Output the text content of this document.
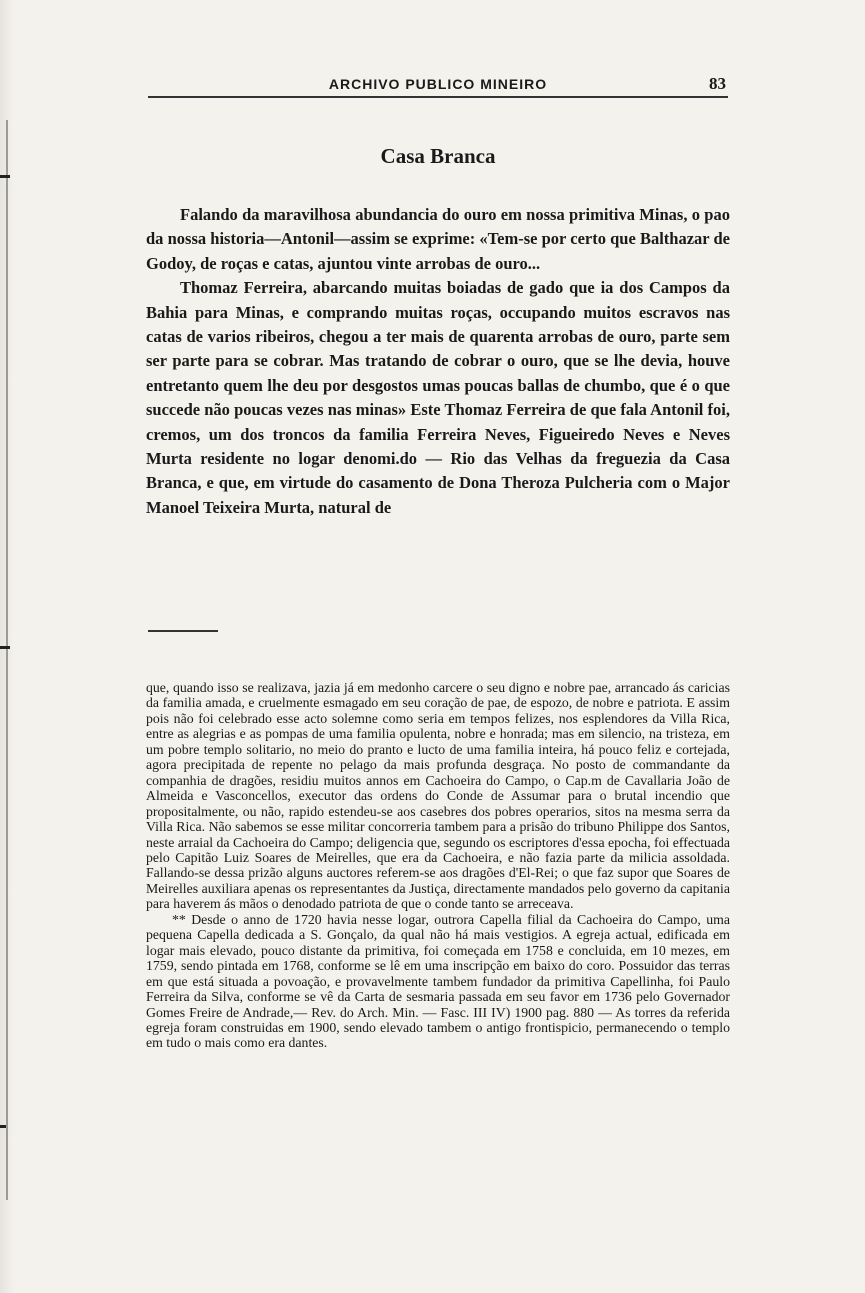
ARCHIVO PUBLICO MINEIRO	83
Casa Branca

Falando da maravilhosa abundancia do ouro em nossa primitiva Minas, o pao da nossa historia—Antonil—assim se exprime: «Tem-se por certo que Balthazar de Godoy, de roças e catas, ajuntou vinte arrobas de ouro...

Thomaz Ferreira, abarcando muitas boiadas de gado que ia dos Campos da Bahia para Minas, e comprando muitas roças, occupando muitos escravos nas catas de varios ribeiros, chegou a ter mais de quarenta arrobas de ouro, parte sem ser parte para se cobrar. Mas tratando de cobrar o ouro, que se lhe devia, houve entretanto quem lhe deu por desgostos umas poucas ballas de chumbo, que é o que succede não poucas vezes nas minas» Este Thomaz Ferreira de que fala Antonil foi, cremos, um dos troncos da familia Ferreira Neves, Figueiredo Neves e Neves Murta residente no logar denomi.do — Rio das Velhas da freguezia da Casa Branca, e que, em virtude do casamento de Dona Theroza Pulcheria com o Major Manoel Teixeira Murta, natural de

que, quando isso se realizava, jazia já em medonho carcere o seu digno e nobre pae, arrancado ás caricias da familia amada, e cruelmente esmagado em seu coração de pae, de espozo, de nobre e patriota. E assim pois não foi celebrado esse acto solemne como seria em tempos felizes, nos esplendores da Villa Rica, entre as alegrias e as pompas de uma familia opulenta, nobre e honrada; mas em silencio, na tristeza, em um pobre templo solitario, no meio do pranto e lucto de uma familia inteira, há pouco feliz e cortejada, agora precipitada de repente no pelago da mais profunda desgraça. No posto de commandante da companhia de dragões, residiu muitos annos em Cachoeira do Campo, o Cap.m de Cavallaria João de Almeida e Vasconcellos, executor das ordens do Conde de Assumar para o brutal incendio que propositalmente, ou não, rapido estendeu-se aos casebres dos pobres operarios, sitos na mesma serra da Villa Rica. Não sabemos se esse militar concorreria tambem para a prisão do tribuno Philippe dos Santos, neste arraial da Cachoeira do Campo; deligencia que, segundo os escriptores d'essa epocha, foi effectuada pelo Capitão Luiz Soares de Meirelles, que era da Cachoeira, e não fazia parte da milicia assoldada. Fallando-se dessa prizão alguns auctores referem-se aos dragões d'El-Rei; o que faz supor que Soares de Meirelles auxiliara apenas os representantes da Justiça, directamente mandados pelo governo da capitania para haverem ás mãos o denodado patriota de que o conde tanto se arreceava.

** Desde o anno de 1720 havia nesse logar, outrora Capella filial da Cachoeira do Campo, uma pequena Capella dedicada a S. Gonçalo, da qual não há mais vestigios. A egreja actual, edificada em logar mais elevado, pouco distante da primitiva, foi começada em 1758 e concluida, em 10 mezes, em 1759, sendo pintada em 1768, conforme se lê em uma inscripção em baixo do coro. Possuidor das terras em que está situada a povoação, e provavelmente tambem fundador da primitiva Capellinha, foi Paulo Ferreira da Silva, conforme se vê da Carta de sesmaria passada em seu favor em 1736 pelo Governador Gomes Freire de Andrade,— Rev. do Arch. Min. — Fasc. III IV) 1900 pag. 880 — As torres da referida egreja foram construidas em 1900, sendo elevado tambem o antigo frontispicio, permanecendo o templo em tudo o mais como era dantes.
